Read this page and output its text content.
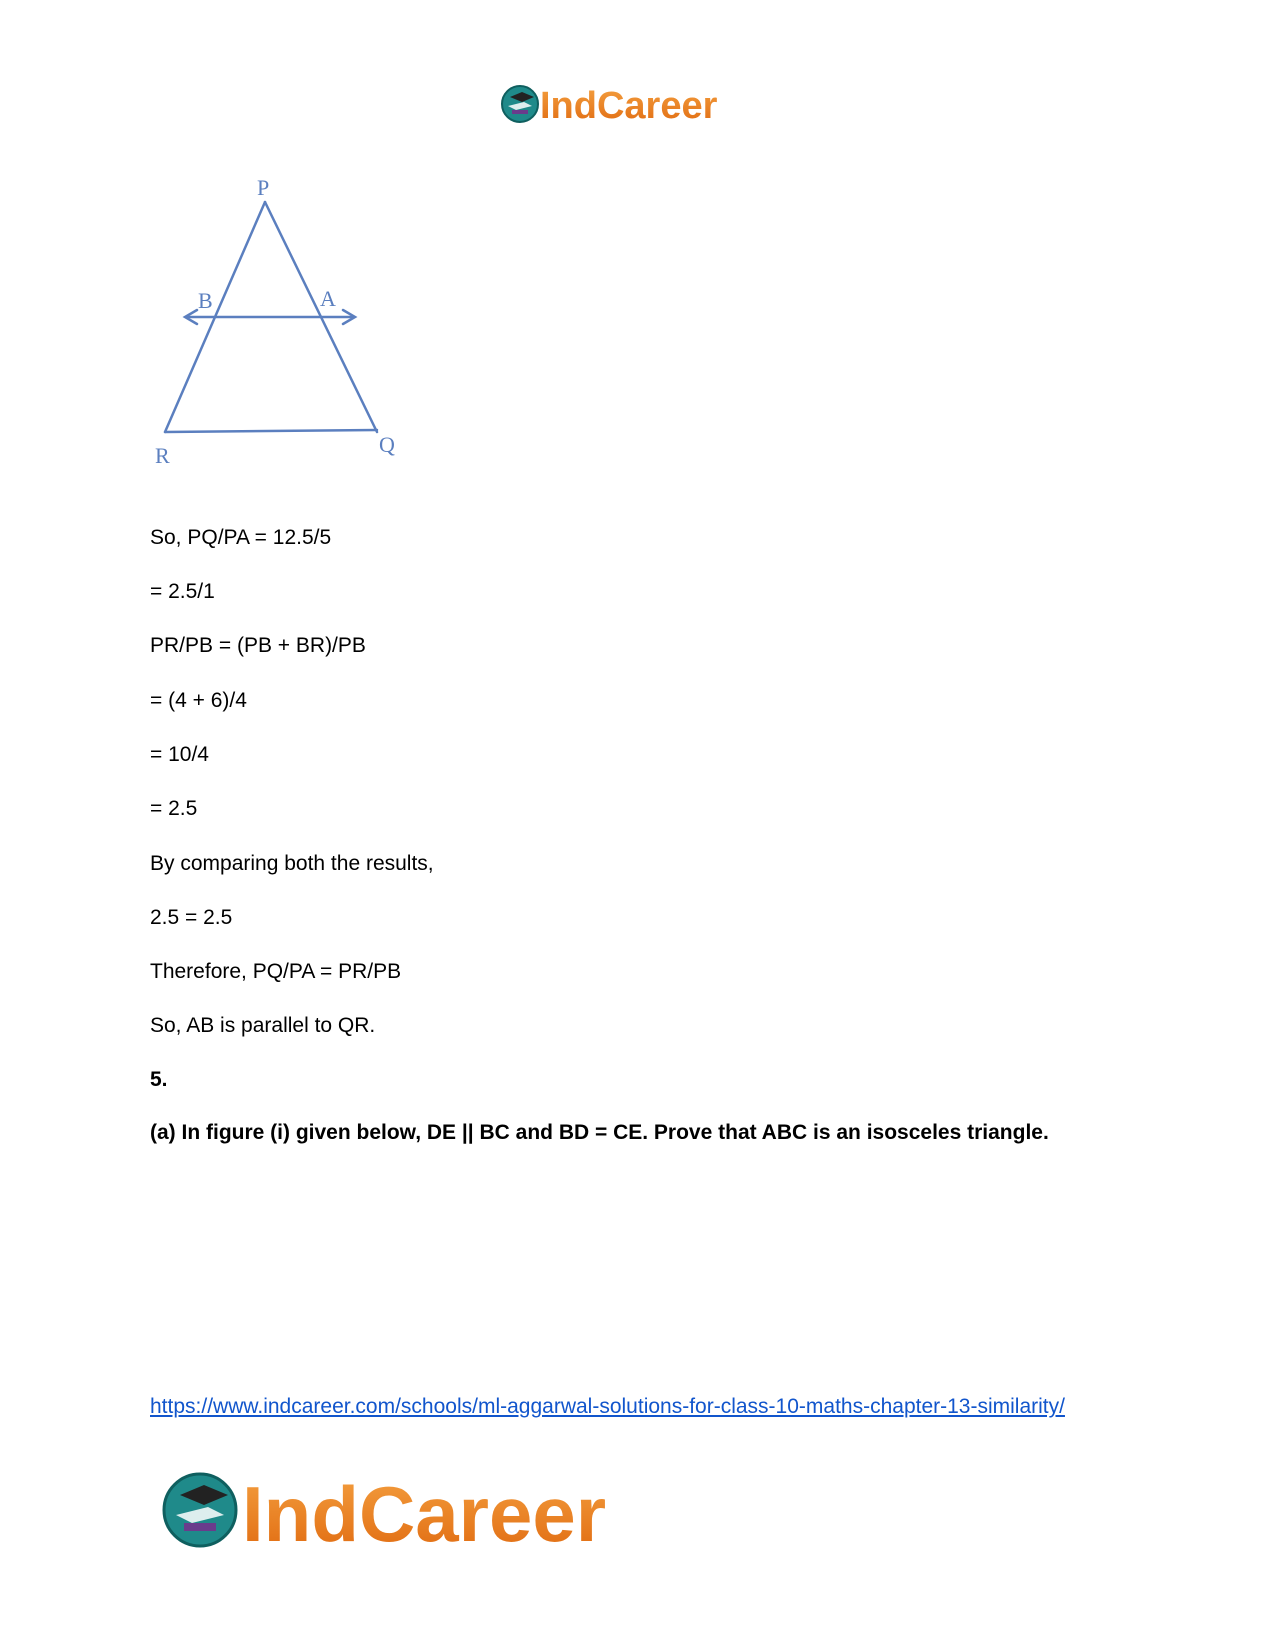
IndCareer
P
B	A
R	Q

So, PQ/PA = 12.5/5

= 2.5/1

PR/PB = (PB + BR)/PB

= (4 + 6)/4

= 10/4

= 2.5

By comparing both the results,

2.5 = 2.5

Therefore, PQ/PA = PR/PB

So, AB is parallel to QR.

5.

(a) In figure (i) given below, DE || BC and BD = CE. Prove that ABC is an isosceles triangle.

https://www.indcareer.com/schools/ml-aggarwal-solutions-for-class-10-maths-chapter-13-similarity/
IndCareer
